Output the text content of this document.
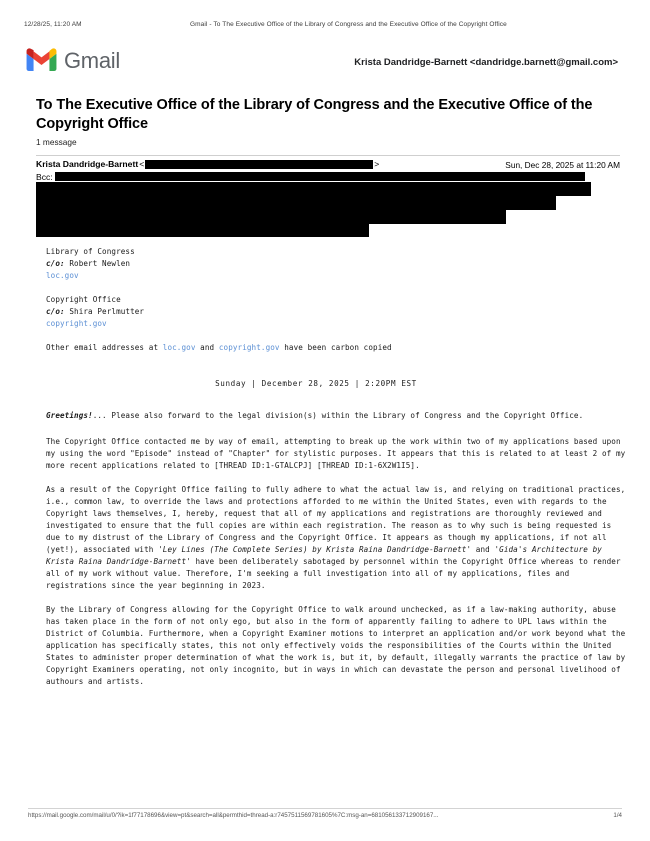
12/28/25, 11:20 AM	Gmail - To The Executive Office of the Library of Congress and the Executive Office of the Copyright Office
Gmail	Krista Dandridge-Barnett <dandridge.barnett@gmail.com>
To The Executive Office of the Library of Congress and the Executive Office of the Copyright Office
1 message
Krista Dandridge-Barnett <	>	Sun, Dec 28, 2025 at 11:20 AM
Bcc:
Library of Congress
c/o: Robert Newlen
loc.gov
Copyright Office
c/o: Shira Perlmutter
copyright.gov
Other email addresses at loc.gov and copyright.gov have been carbon copied
Sunday | December 28, 2025 | 2:20PM EST
Greetings!... Please also forward to the legal division(s) within the Library of Congress and the Copyright Office.
The Copyright Office contacted me by way of email, attempting to break up the work within two of my applications based upon my using the word "Episode" instead of "Chapter" for stylistic purposes. It appears that this is related to at least 2 of my more recent applications related to [THREAD ID:1-GTALCPJ] [THREAD ID:1-6X2W1I5].
As a result of the Copyright Office failing to fully adhere to what the actual law is, and relying on traditional practices, i.e., common law, to override the laws and protections afforded to me within the United States, even with regards to the Copyright laws themselves, I, hereby, request that all of my applications and registrations are thoroughly reviewed and investigated to ensure that the full copies are within each registration. The reason as to why such is being requested is due to my distrust of the Library of Congress and the Copyright Office. It appears as though my applications, if not all (yet!), associated with 'Ley Lines (The Complete Series) by Krista Raina Dandridge-Barnett' and 'Gida's Architecture by Krista Raina Dandridge-Barnett' have been deliberately sabotaged by personnel within the Copyright Office whereas to render all of my work without value. Therefore, I'm seeking a full investigation into all of my applications, files and registrations since the year beginning in 2023.
By the Library of Congress allowing for the Copyright Office to walk around unchecked, as if a law-making authority, abuse has taken place in the form of not only ego, but also in the form of apparently failing to adhere to UPL laws within the District of Columbia. Furthermore, when a Copyright Examiner motions to interpret an application and/or work beyond what the application has specifically states, this not only effectively voids the responsibilities of the Courts within the United States to administer proper determination of what the work is, but it, by default, illegally warrants the practice of law by Copyright Examiners operating, not only incognito, but in ways in which can devastate the person and personal livelihood of authours and artists.
https://mail.google.com/mail/u/0/?ik=1f77178696&view=pt&search=all&permthid=thread-a:r7457511569781605%7C:msg-an=681056133712909167...	1/4
